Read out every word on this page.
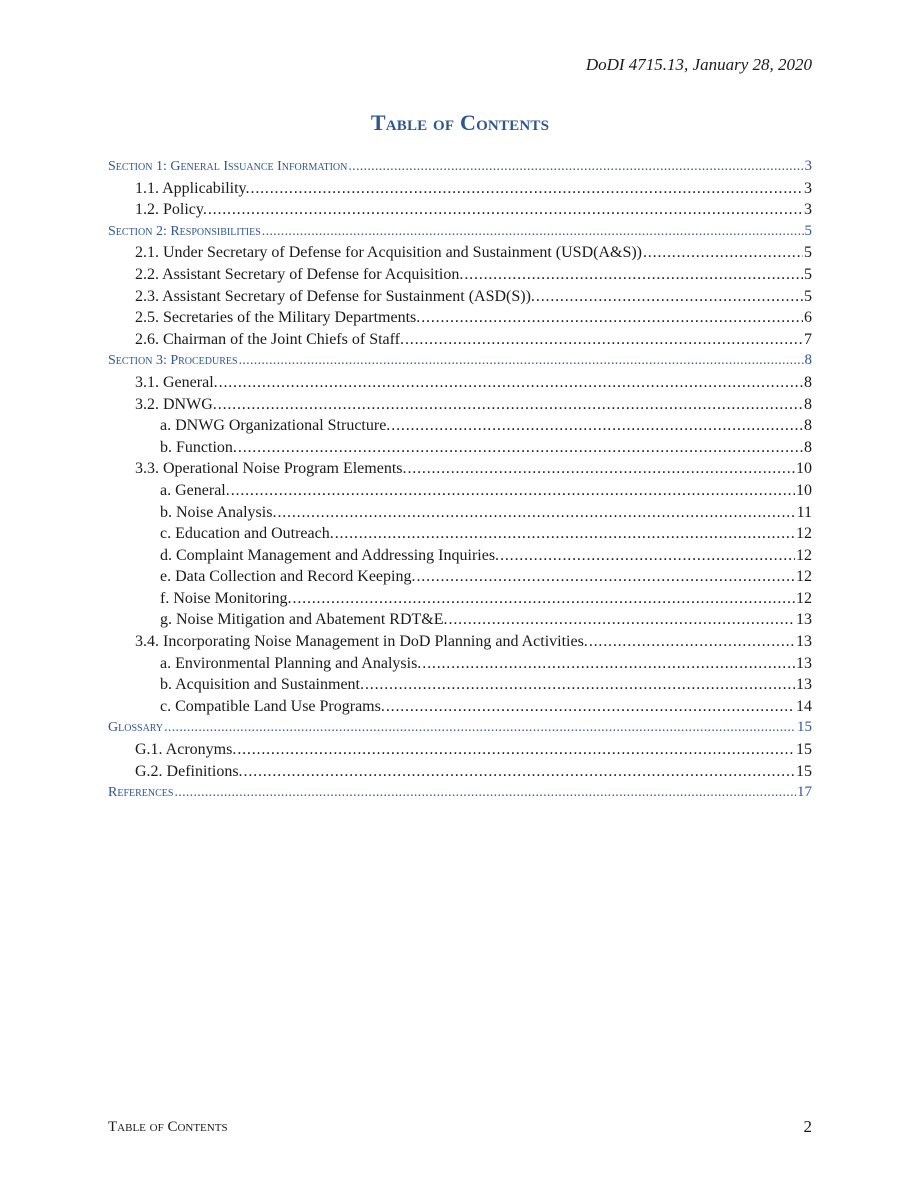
DoDI 4715.13, January 28, 2020
Table of Contents
Section 1: General Issuance Information . . .	3
1.1. Applicability. . . .	3
1.2. Policy. . . .	3
Section 2: Responsibilities . . .	5
2.1. Under Secretary of Defense for Acquisition and Sustainment (USD(A&S)) . . .	5
2.2. Assistant Secretary of Defense for Acquisition. . . .	5
2.3. Assistant Secretary of Defense for Sustainment (ASD(S)). . . .	5
2.5. Secretaries of the Military Departments. . . .	6
2.6. Chairman of the Joint Chiefs of Staff. . . .	7
Section 3: Procedures . . .	8
3.1. General. . . .	8
3.2. DNWG. . . .	8
a. DNWG Organizational Structure. . . .	8
b. Function. . . .	8
3.3. Operational Noise Program Elements. . . .	10
a. General. . . .	10
b. Noise Analysis. . . .	11
c. Education and Outreach. . . .	12
d. Complaint Management and Addressing Inquiries. . . .	12
e. Data Collection and Record Keeping. . . .	12
f. Noise Monitoring. . . .	12
g. Noise Mitigation and Abatement RDT&E. . . .	13
3.4. Incorporating Noise Management in DoD Planning and Activities. . . .	13
a. Environmental Planning and Analysis. . . .	13
b. Acquisition and Sustainment. . . .	13
c. Compatible Land Use Programs. . . .	14
Glossary . . .	15
G.1. Acronyms. . . .	15
G.2. Definitions. . . .	15
References . . .	17
Table of Contents	2
